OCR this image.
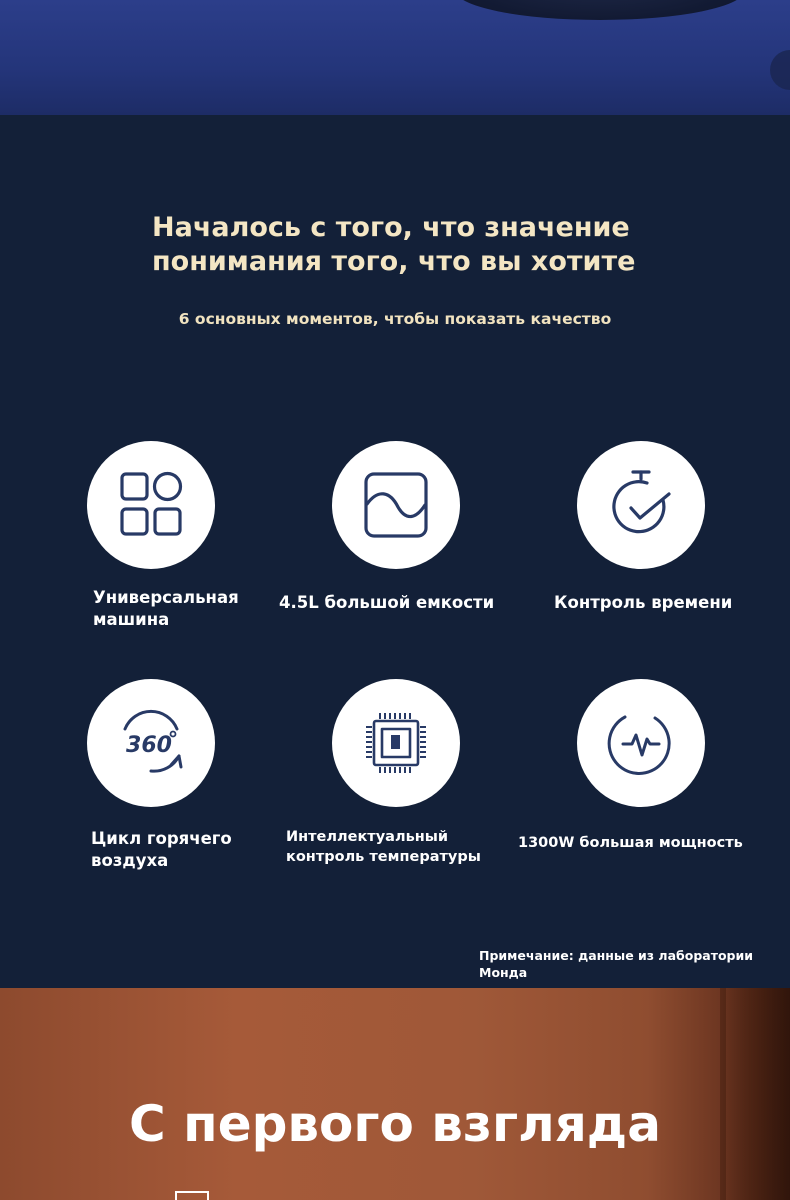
Началось с того, что значение
понимания того, что вы хотите
6 основных моментов, чтобы показать качество
Универсальная
машина
4.5L большой емкости	Контроль времени
360
Цикл горячего
воздуха
Интеллектуальный
контроль температуры
1300W большая мощность
Примечание: данные из лаборатории Монда
С первого взгляда
